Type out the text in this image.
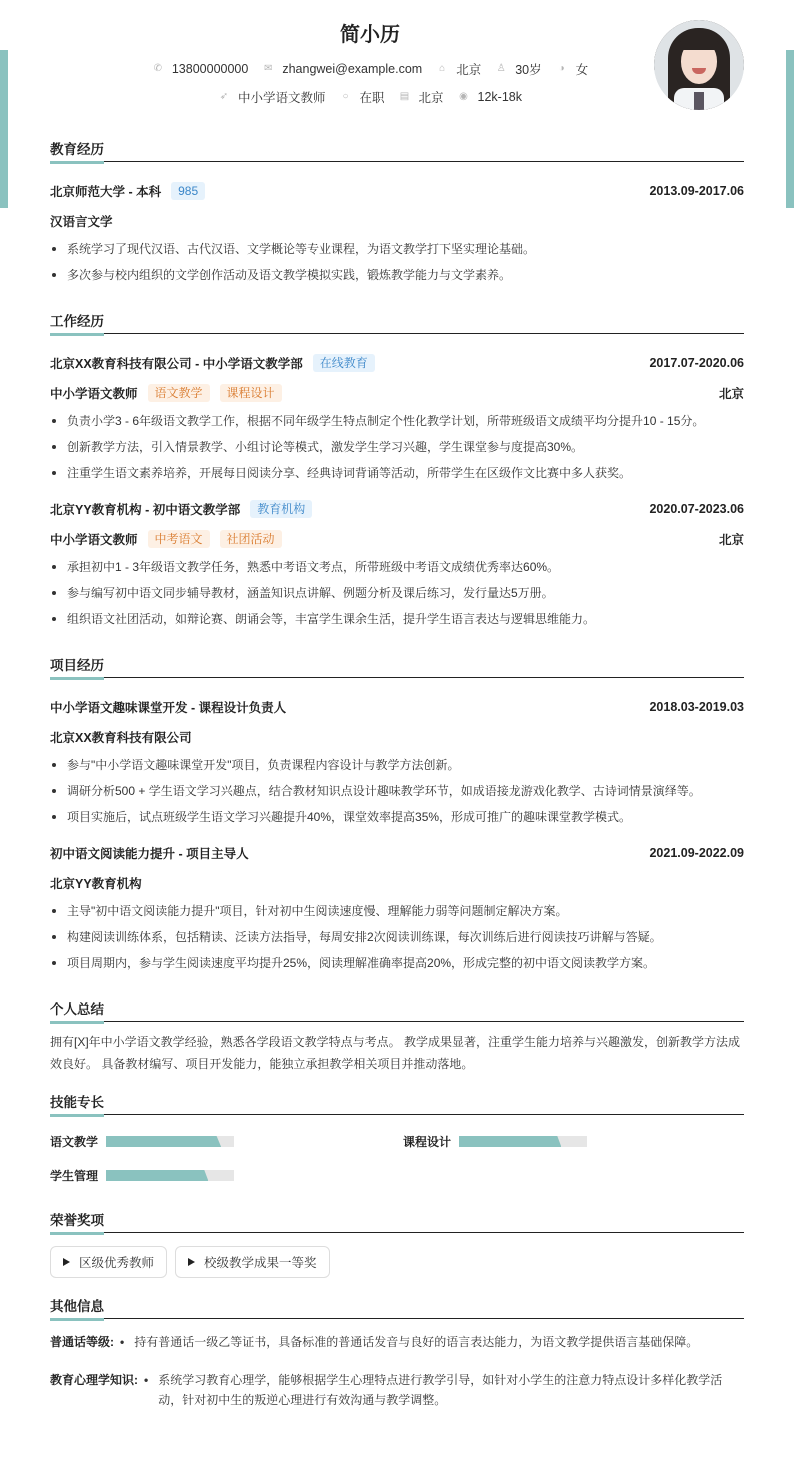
简小历
✆ 13800000000 ✉ zhangwei@example.com ⌂ 北京 ♙ 30岁 ◑ 女
➶ 中小学语文教师 ○ 在职 ▤ 北京 ◉ 12k-18k
教育经历
北京师范大学 - 本科	985	2013.09-2017.06
汉语言文学
系统学习了现代汉语、古代汉语、文学概论等专业课程，为语文教学打下坚实理论基础。
多次参与校内组织的文学创作活动及语文教学模拟实践，锻炼教学能力与文学素养。
工作经历
北京XX教育科技有限公司 - 中小学语文教学部	在线教育	2017.07-2020.06
中小学语文教师	语文教学	课程设计	北京
负责小学3 - 6年级语文教学工作，根据不同年级学生特点制定个性化教学计划，所带班级语文成绩平均分提升10 - 15分。
创新教学方法，引入情景教学、小组讨论等模式，激发学生学习兴趣，学生课堂参与度提高30%。
注重学生语文素养培养，开展每日阅读分享、经典诗词背诵等活动，所带学生在区级作文比赛中多人获奖。
北京YY教育机构 - 初中语文教学部	教育机构	2020.07-2023.06
中小学语文教师	中考语文	社团活动	北京
承担初中1 - 3年级语文教学任务，熟悉中考语文考点，所带班级中考语文成绩优秀率达60%。
参与编写初中语文同步辅导教材，涵盖知识点讲解、例题分析及课后练习，发行量达5万册。
组织语文社团活动，如辩论赛、朗诵会等，丰富学生课余生活，提升学生语言表达与逻辑思维能力。
项目经历
中小学语文趣味课堂开发 - 课程设计负责人	2018.03-2019.03
北京XX教育科技有限公司
参与"中小学语文趣味课堂开发"项目，负责课程内容设计与教学方法创新。
调研分析500 + 学生语文学习兴趣点，结合教材知识点设计趣味教学环节，如成语接龙游戏化教学、古诗词情景演绎等。
项目实施后，试点班级学生语文学习兴趣提升40%，课堂效率提高35%，形成可推广的趣味课堂教学模式。
初中语文阅读能力提升 - 项目主导人	2021.09-2022.09
北京YY教育机构
主导"初中语文阅读能力提升"项目，针对初中生阅读速度慢、理解能力弱等问题制定解决方案。
构建阅读训练体系，包括精读、泛读方法指导，每周安排2次阅读训练课，每次训练后进行阅读技巧讲解与答疑。
项目周期内，参与学生阅读速度平均提升25%，阅读理解准确率提高20%，形成完整的初中语文阅读教学方案。
个人总结
拥有[X]年中小学语文教学经验，熟悉各学段语文教学特点与考点。 教学成果显著，注重学生能力培养与兴趣激发，创新教学方法成效良好。 具备教材编写、项目开发能力，能独立承担教学相关项目并推动落地。
技能专长
语文教学	课程设计
学生管理
荣誉奖项
区级优秀教师	校级教学成果一等奖
其他信息
普通话等级: • 持有普通话一级乙等证书，具备标准的普通话发音与良好的语言表达能力，为语文教学提供语言基础保障。
教育心理学知识: • 系统学习教育心理学，能够根据学生心理特点进行教学引导，如针对小学生的注意力特点设计多样化教学活动，针对初中生的叛逆心理进行有效沟通与教学调整。
